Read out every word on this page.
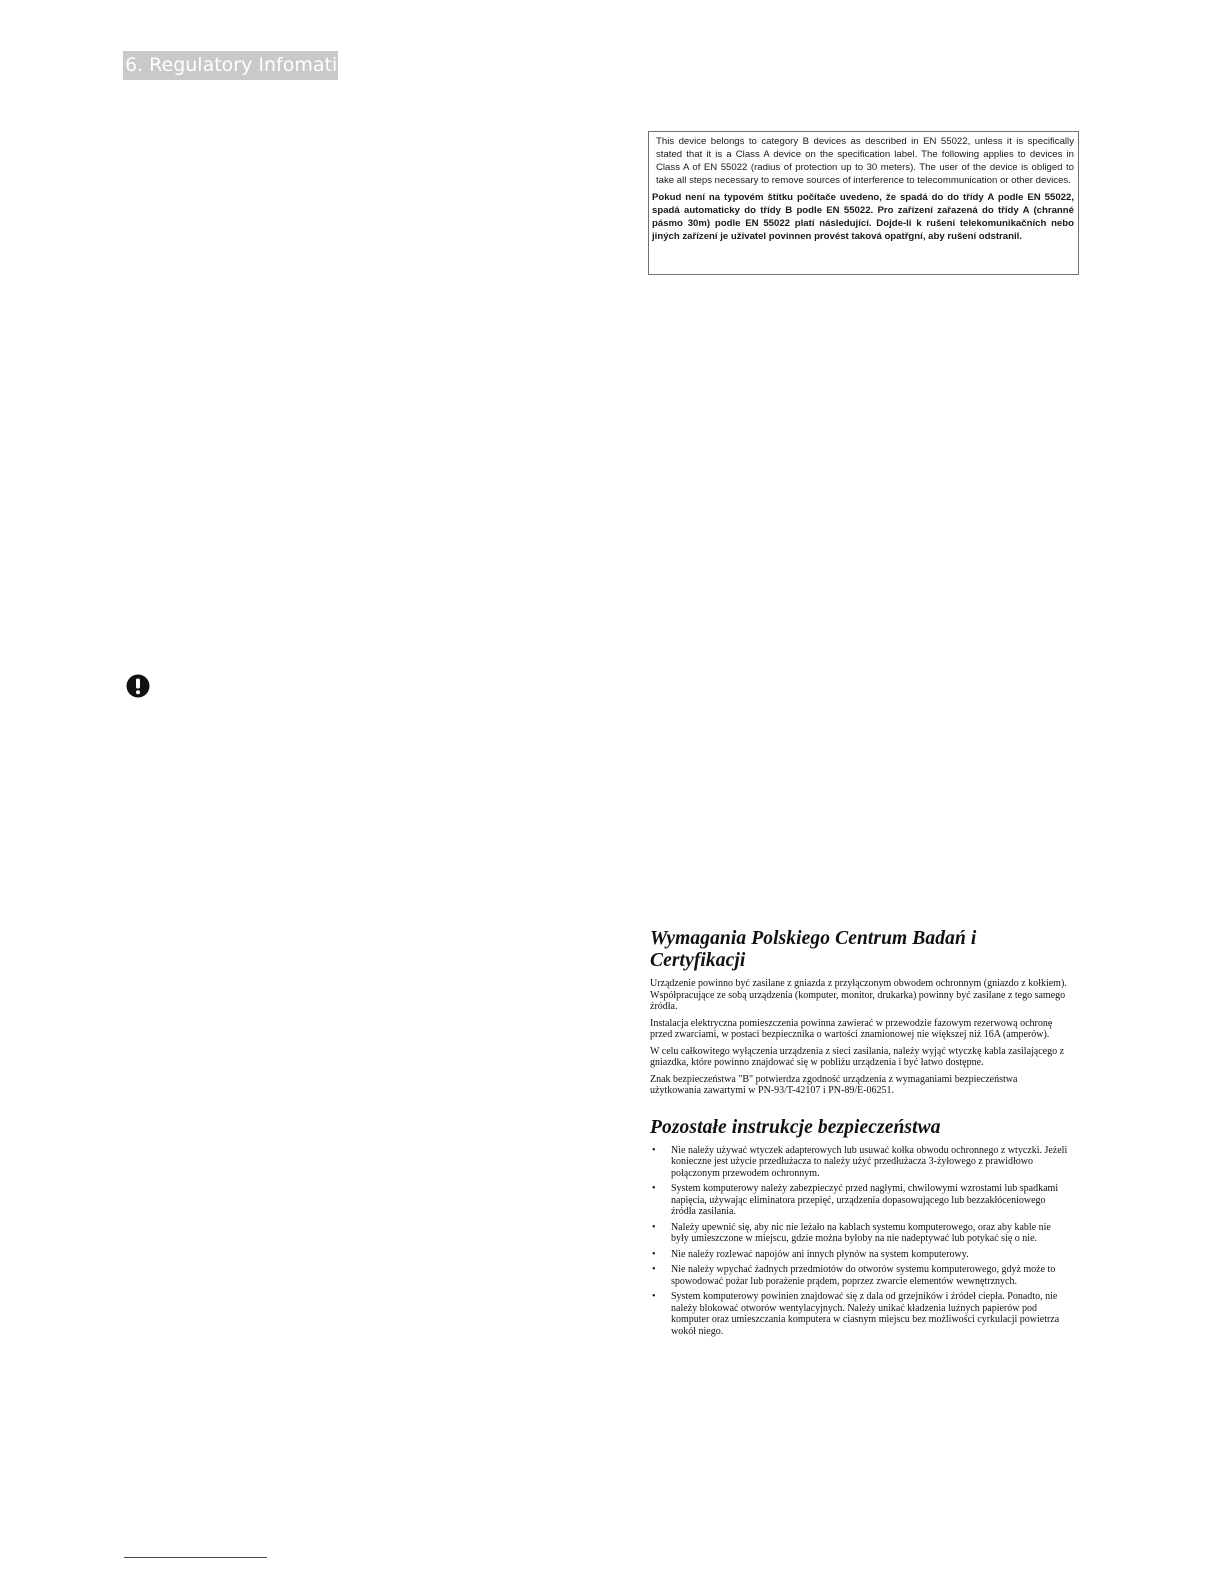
6. Regulatory Infomation

This device belongs to category B devices as described in EN 55022, unless it is specifically stated that it is a Class A device on the specification label. The following applies to devices in Class A of EN 55022 (radius of protection up to 30 meters). The user of the device is obliged to take all steps necessary to remove sources of interference to telecommunication or other devices.

Pokud není na typovém štítku počítače uvedeno, že spadá do do třídy A podle EN 55022, spadá automaticky do třídy B podle EN 55022. Pro zařízení zařazená do třídy A (chranné pásmo 30m) podle EN 55022 platí následující. Dojde-li k rušení telekomunikačních nebo jiných zařízení je uživatel povinnen provést taková opatřgní, aby rušení odstranil.

Wymagania Polskiego Centrum Badań i Certyfikacji

Urządzenie powinno być zasilane z gniazda z przyłączonym obwodem ochronnym (gniazdo z kołkiem). Współpracujące ze sobą urządzenia (komputer, monitor, drukarka) powinny być zasilane z tego samego źródła.

Instalacja elektryczna pomieszczenia powinna zawierać w przewodzie fazowym rezerwową ochronę przed zwarciami, w postaci bezpiecznika o wartości znamionowej nie większej niż 16A (amperów).

W celu całkowitego wyłączenia urządzenia z sieci zasilania, należy wyjąć wtyczkę kabla zasilającego z gniazdka, które powinno znajdować się w pobliżu urządzenia i być łatwo dostępne.

Znak bezpieczeństwa "B" potwierdza zgodność urządzenia z wymaganiami bezpieczeństwa użytkowania zawartymi w PN-93/T-42107 i PN-89/E-06251.

Pozostałe instrukcje bezpieczeństwa
• Nie należy używać wtyczek adapterowych lub usuwać kołka obwodu ochronnego z wtyczki. Jeżeli konieczne jest użycie przedłużacza to należy użyć przedłużacza 3-żyłowego z prawidłowo połączonym przewodem ochronnym.
• System komputerowy należy zabezpieczyć przed nagłymi, chwilowymi wzrostami lub spadkami napięcia, używając eliminatora przepięć, urządzenia dopasowującego lub bezzakłóceniowego źródła zasilania.
• Należy upewnić się, aby nic nie leżało na kablach systemu komputerowego, oraz aby kable nie były umieszczone w miejscu, gdzie można byłoby na nie nadeptywać lub potykać się o nie.
• Nie należy rozlewać napojów ani innych płynów na system komputerowy.
• Nie należy wpychać żadnych przedmiotów do otworów systemu komputerowego, gdyż może to spowodować pożar lub porażenie prądem, poprzez zwarcie elementów wewnętrznych.
• System komputerowy powinien znajdować się z dala od grzejników i źródeł ciepła. Ponadto, nie należy blokować otworów wentylacyjnych. Należy unikać kładzenia luźnych papierów pod komputer oraz umieszczania komputera w ciasnym miejscu bez możliwości cyrkulacji powietrza wokół niego.
